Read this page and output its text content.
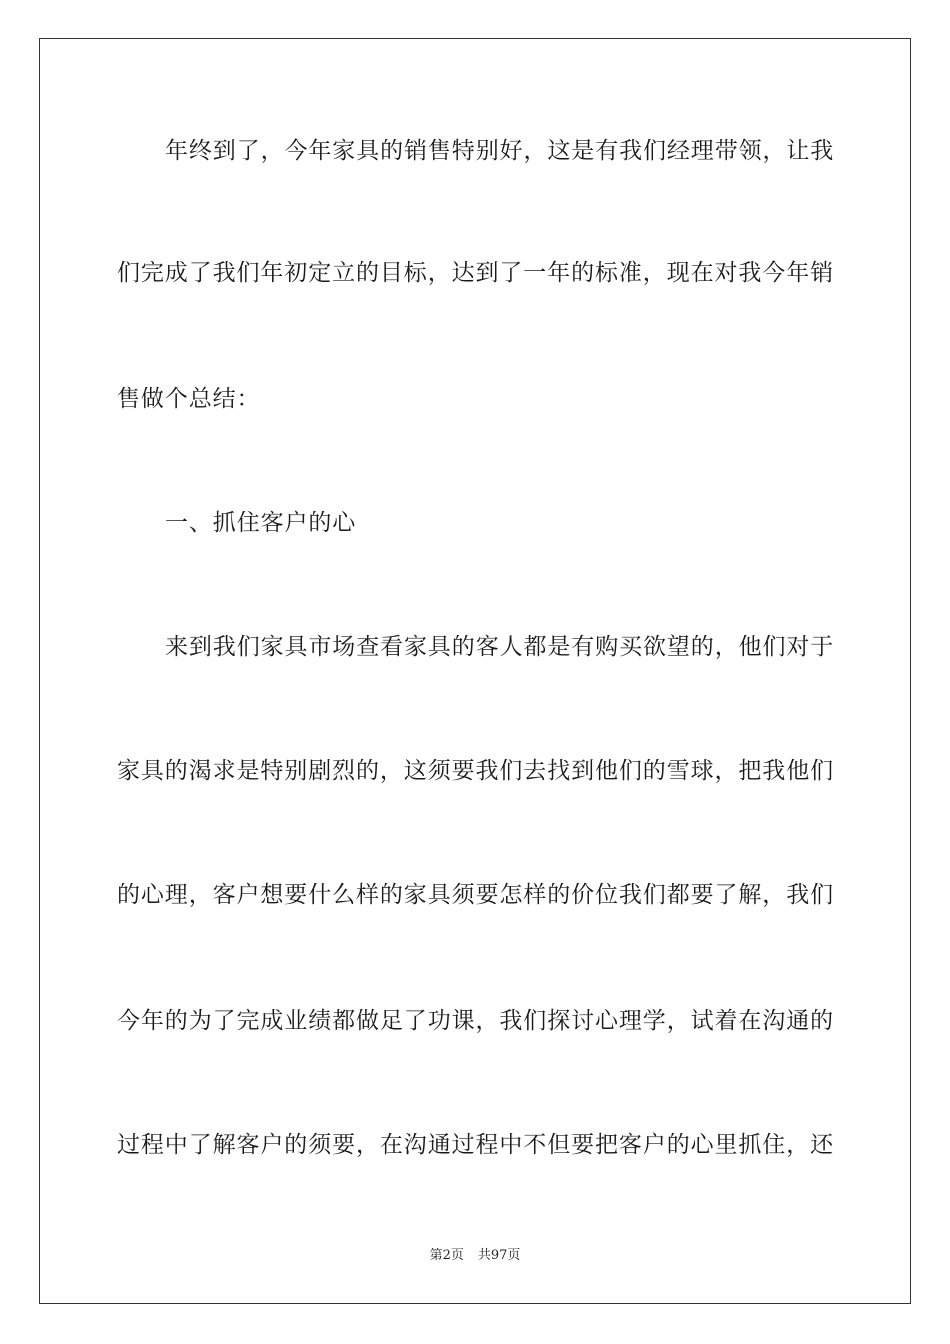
年终到了，今年家具的销售特别好，这是有我们经理带领，让我
们完成了我们年初定立的目标，达到了一年的标准，现在对我今年销
售做个总结：
一、抓住客户的心
来到我们家具市场查看家具的客人都是有购买欲望的，他们对于
家具的渴求是特别剧烈的，这须要我们去找到他们的雪球，把我他们
的心理，客户想要什么样的家具须要怎样的价位我们都要了解，我们
今年的为了完成业绩都做足了功课，我们探讨心理学，试着在沟通的
过程中了解客户的须要，在沟通过程中不但要把客户的心里抓住，还
第2页 共97页
